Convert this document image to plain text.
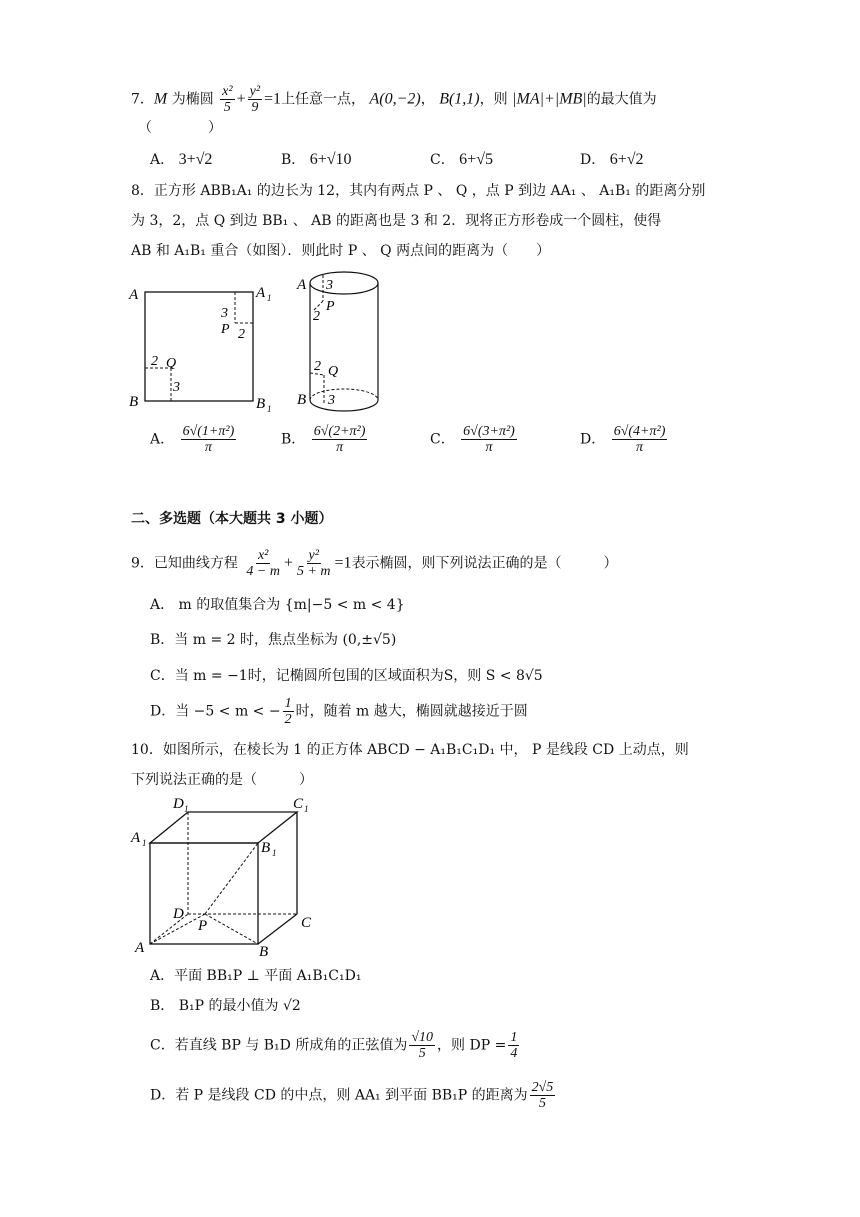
7．M 为椭圆 $\frac{\text{x²}}{5} + \frac{\text{y²}}{9} =1$上任意一点， A(0,−2)， B(1,1)，则 |MA|+|MB|的最大值为
（　　　　）
A． 3+√2	B． 6+√10	C． 6+√5	D． 6+√2
8．正方形 ABB₁A₁ 的边长为 12，其内有两点 P 、 Q ，点 P 到边 AA₁ 、 A₁B₁ 的距离分别
为 3，2，点 Q 到边 BB₁ 、 AB 的距离也是 3 和 2．现将正方形卷成一个圆柱，使得
AB 和 A₁B₁ 重合（如图）．则此时 P 、 Q 两点间的距离为（　　）
A	A 1
B	B 1
3
P 2
2 Q
3
A 3
P
2
2 Q
B 3
A． $\frac{\text{6√(1+π²)}}{\pi}$	B． $\frac{\text{6√(2+π²)}}{\pi}$	C． $\frac{\text{6√(3+π²)}}{\pi}$	D． $\frac{\text{6√(4+π²)}}{\pi}$
二、多选题（本大题共 3 小题）
9．已知曲线方程 $\frac{\text{x²}}{4 - m} + \frac{\text{y²}}{5 + m} =1$表示椭圆，则下列说法正确的是（　　　）
A． m 的取值集合为 {m|−5 < m < 4}
B．当 m = 2 时，焦点坐标为 (0,±√5)
C．当 m = −1时，记椭圆所包围的区域面积为S，则 S < 8√5
D．当 −5 < m < − $\frac{1}{2}$ 时，随着 m 越大，椭圆就越接近于圆
10．如图所示，在棱长为 1 的正方体 ABCD − A₁B₁C₁D₁ 中， P 是线段 CD 上动点，则
下列说法正确的是（　　　）
D 1	C 1
A 1	B 1
D
P	C
A	B
A．平面 BB₁P ⊥ 平面 A₁B₁C₁D₁
B． B₁P 的最小值为 √2
C．若直线 BP 与 B₁D 所成角的正弦值为 $\frac{√10}{5}$ ，则 DP = $\frac{1}{4}$
D．若 P 是线段 CD 的中点，则 AA₁ 到平面 BB₁P 的距离为 $\frac{2√5}{5}$
